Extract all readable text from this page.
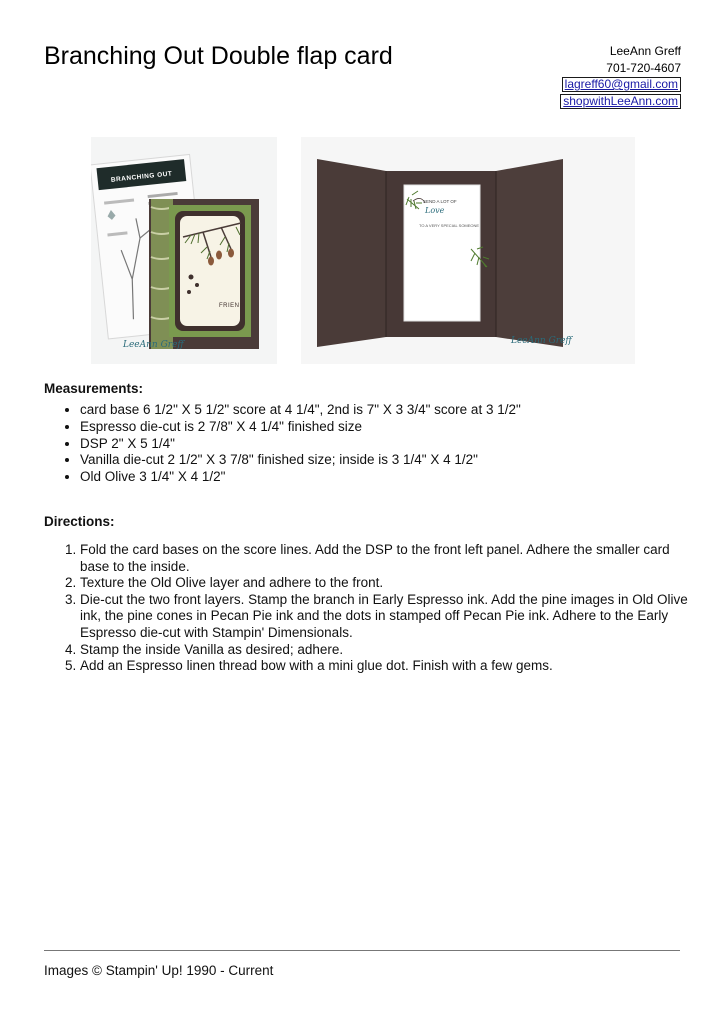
Branching Out Double flap card	LeeAnn Greff
701-720-4607
lagreff60@gmail.com
shopwithLeeAnn.com
BRANCHING OUT
FRIEND
LeeAnn Greff
SEND A LOT OF
Love
TO A VERY SPECIAL SOMEONE
LeeAnn Greff
Measurements:
• card base 6 1/2" X 5 1/2" score at 4 1/4", 2nd is 7" X 3 3/4" score at 3 1/2"
• Espresso die-cut is 2 7/8" X 4 1/4" finished size
• DSP 2" X 5 1/4"
• Vanilla die-cut 2 1/2" X 3 7/8" finished size; inside is 3 1/4" X 4 1/2"
• Old Olive 3 1/4" X 4 1/2"
Directions:
1. Fold the card bases on the score lines. Add the DSP to the front left panel. Adhere the smaller card base to the inside.
2. Texture the Old Olive layer and adhere to the front.
3. Die-cut the two front layers. Stamp the branch in Early Espresso ink. Add the pine images in Old Olive ink, the pine cones in Pecan Pie ink and the dots in stamped off Pecan Pie ink. Adhere to the Early Espresso die-cut with Stampin' Dimensionals.
4. Stamp the inside Vanilla as desired; adhere.
5. Add an Espresso linen thread bow with a mini glue dot. Finish with a few gems.
Images © Stampin' Up! 1990 - Current
